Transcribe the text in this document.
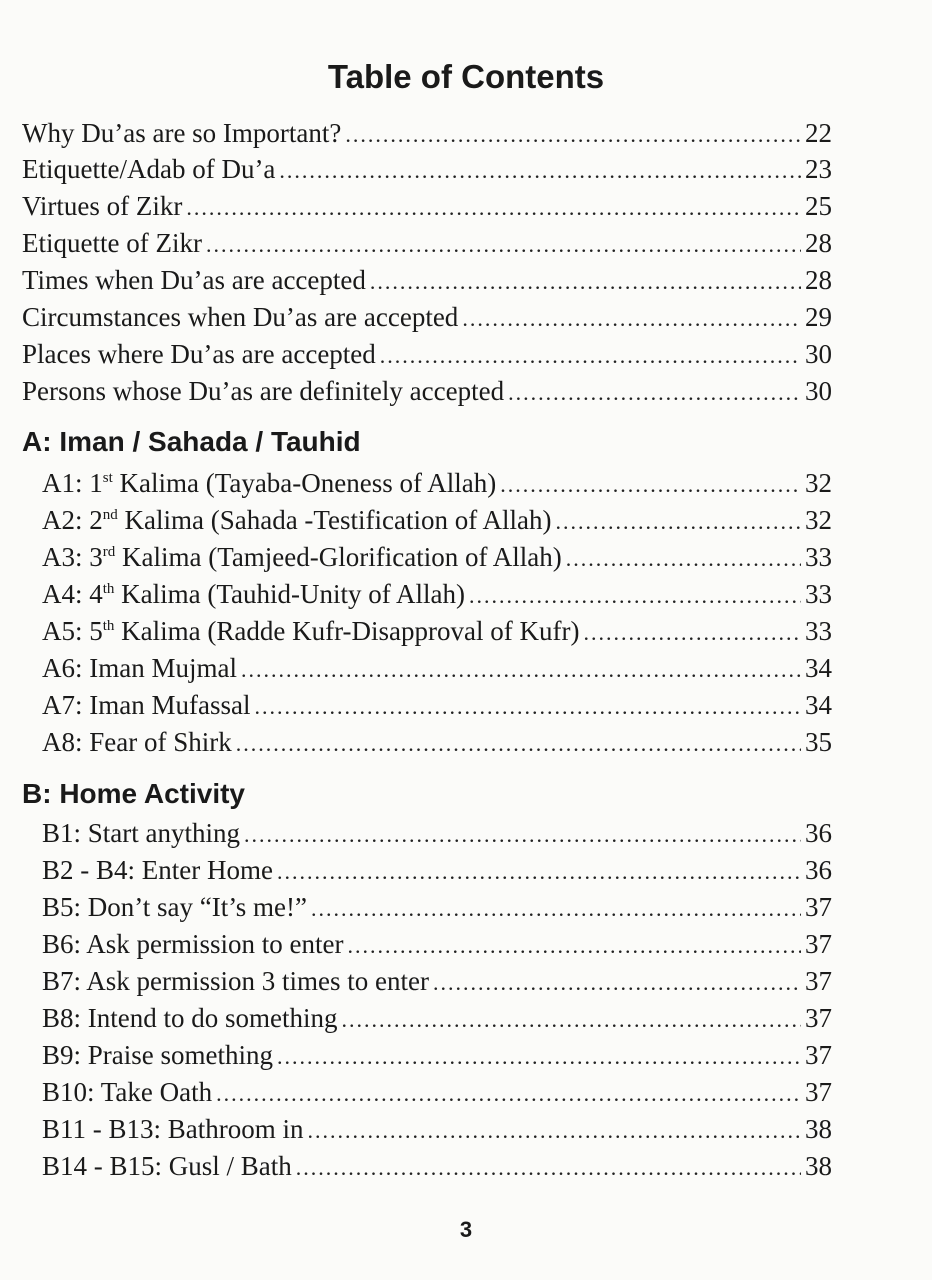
Table of Contents
Why Du’as are so Important? .....	22
Etiquette/Adab of Du’a .....	23
Virtues of Zikr .....	25
Etiquette of Zikr .....	28
Times when Du’as are accepted .....	28
Circumstances when Du’as are accepted .....	29
Places where Du’as are accepted .....	30
Persons whose Du’as are definitely accepted .....	30
A: Iman / Sahada / Tauhid
A1: 1st Kalima (Tayaba-Oneness of Allah) .....	32
A2: 2nd Kalima (Sahada -Testification of Allah) .....	32
A3: 3rd Kalima (Tamjeed-Glorification of Allah) .....	33
A4: 4th Kalima (Tauhid-Unity of Allah) .....	33
A5: 5th Kalima (Radde Kufr-Disapproval of Kufr) .....	33
A6: Iman Mujmal .....	34
A7: Iman Mufassal .....	34
A8: Fear of Shirk .....	35
B: Home Activity
B1: Start anything .....	36
B2 - B4: Enter Home .....	36
B5: Don’t say “It’s me!” .....	37
B6: Ask permission to enter .....	37
B7: Ask permission 3 times to enter .....	37
B8: Intend to do something .....	37
B9: Praise something .....	37
B10: Take Oath .....	37
B11 - B13: Bathroom in .....	38
B14 - B15: Gusl / Bath .....	38
3
